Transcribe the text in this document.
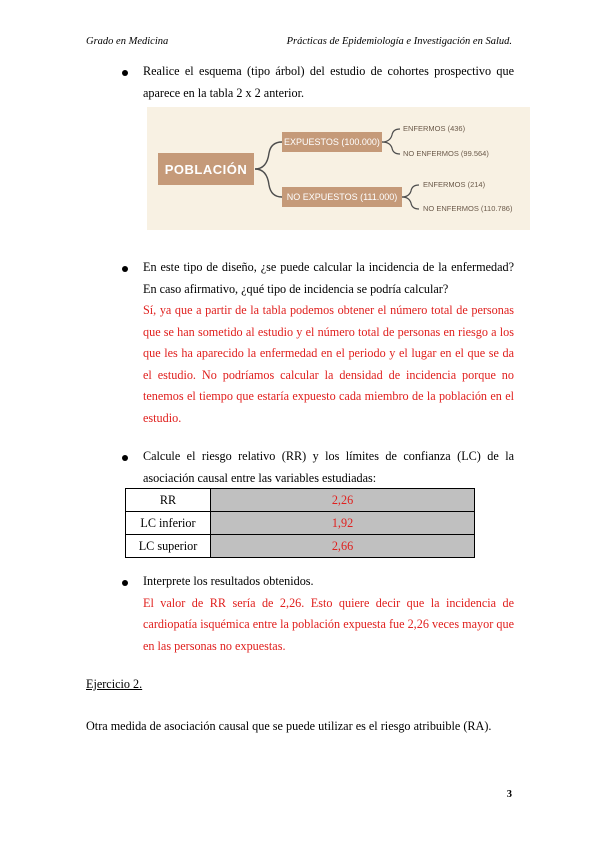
Grado en Medicina	Prácticas de Epidemiología e Investigación en Salud.
Realice el esquema (tipo árbol) del estudio de cohortes prospectivo que aparece en la tabla 2 x 2 anterior.
POBLACIÓN
EXPUESTOS (100.000)
NO EXPUESTOS (111.000)
ENFERMOS (436)
NO ENFERMOS (99.564)
ENFERMOS (214)
NO ENFERMOS (110.786)
En este tipo de diseño, ¿se puede calcular la incidencia de la enfermedad? En caso afirmativo, ¿qué tipo de incidencia se podría calcular?
Sí, ya que a partir de la tabla podemos obtener el número total de personas que se han sometido al estudio y el número total de personas en riesgo a los que les ha aparecido la enfermedad en el periodo y el lugar en el que se da el estudio. No podríamos calcular la densidad de incidencia porque no tenemos el tiempo que estaría expuesto cada miembro de la población en el estudio.
Calcule el riesgo relativo (RR) y los límites de confianza (LC) de la asociación causal entre las variables estudiadas:
RR	2,26
LC inferior	1,92
LC superior	2,66
Interprete los resultados obtenidos.
El valor de RR sería de 2,26. Esto quiere decir que la incidencia de cardiopatía isquémica entre la población expuesta fue 2,26 veces mayor que en las personas no expuestas.
Ejercicio 2.
Otra medida de asociación causal que se puede utilizar es el riesgo atribuible (RA).
3
